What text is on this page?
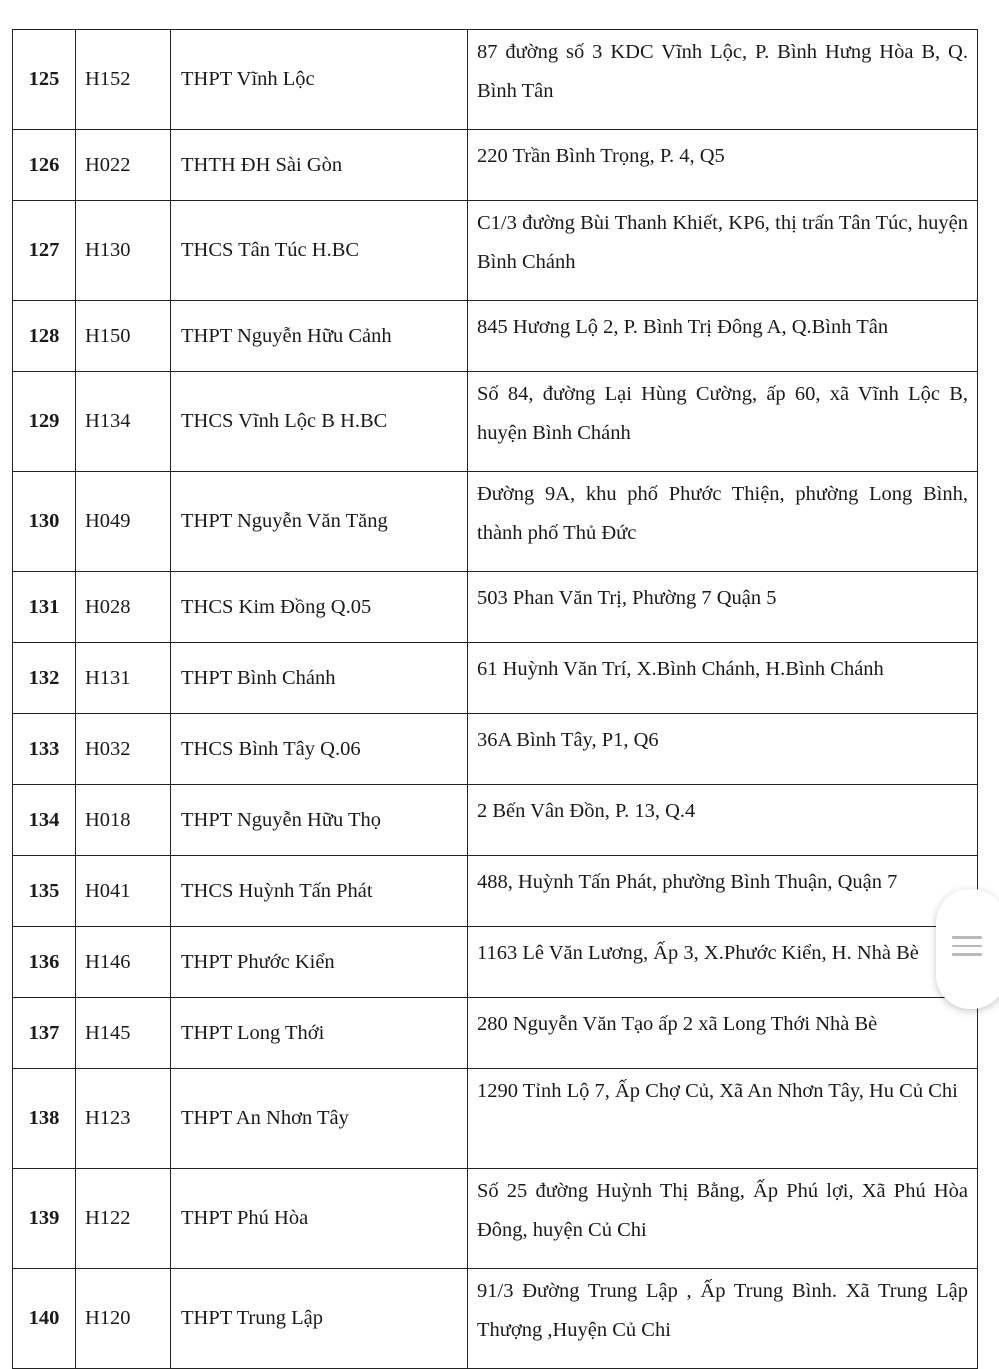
125	H152	THPT Vĩnh Lộc	87 đường số 3 KDC Vĩnh Lộc, P. Bình Hưng Hòa B, Q. Bình Tân

126	H022	THTH ĐH Sài Gòn	220 Trần Bình Trọng, P. 4, Q5

127	H130	THCS Tân Túc H.BC	C1/3 đường Bùi Thanh Khiết, KP6, thị trấn Tân Túc, huyện Bình Chánh

128	H150	THPT Nguyễn Hữu Cảnh	845 Hương Lộ 2, P. Bình Trị Đông A, Q.Bình Tân

129	H134	THCS Vĩnh Lộc B H.BC	Số 84, đường Lại Hùng Cường, ấp 60, xã Vĩnh Lộc B, huyện Bình Chánh

130	H049	THPT Nguyễn Văn Tăng	Đường 9A, khu phố Phước Thiện, phường Long Bình, thành phố Thủ Đức

131	H028	THCS Kim Đồng Q.05	503 Phan Văn Trị, Phường 7 Quận 5

132	H131	THPT Bình Chánh	61 Huỳnh Văn Trí, X.Bình Chánh, H.Bình Chánh

133	H032	THCS Bình Tây Q.06	36A Bình Tây, P1, Q6

134	H018	THPT Nguyễn Hữu Thọ	2 Bến Vân Đồn, P. 13, Q.4

135	H041	THCS Huỳnh Tấn Phát	488, Huỳnh Tấn Phát, phường Bình Thuận, Quận 7

136	H146	THPT Phước Kiển	1163 Lê Văn Lương, Ấp 3, X.Phước Kiển, H. Nhà Bè

137	H145	THPT Long Thới	280 Nguyễn Văn Tạo ấp 2 xã Long Thới Nhà Bè

138	H123	THPT An Nhơn Tây	1290 Tỉnh Lộ 7, Ấp Chợ Củ, Xã An Nhơn Tây, Hu Củ Chi

139	H122	THPT Phú Hòa	Số 25 đường Huỳnh Thị Bằng, Ấp Phú lợi, Xã Phú Hòa Đông, huyện Củ Chi

140	H120	THPT Trung Lập	91/3 Đường Trung Lập , Ấp Trung Bình. Xã Trung Lập Thượng ,Huyện Củ Chi
